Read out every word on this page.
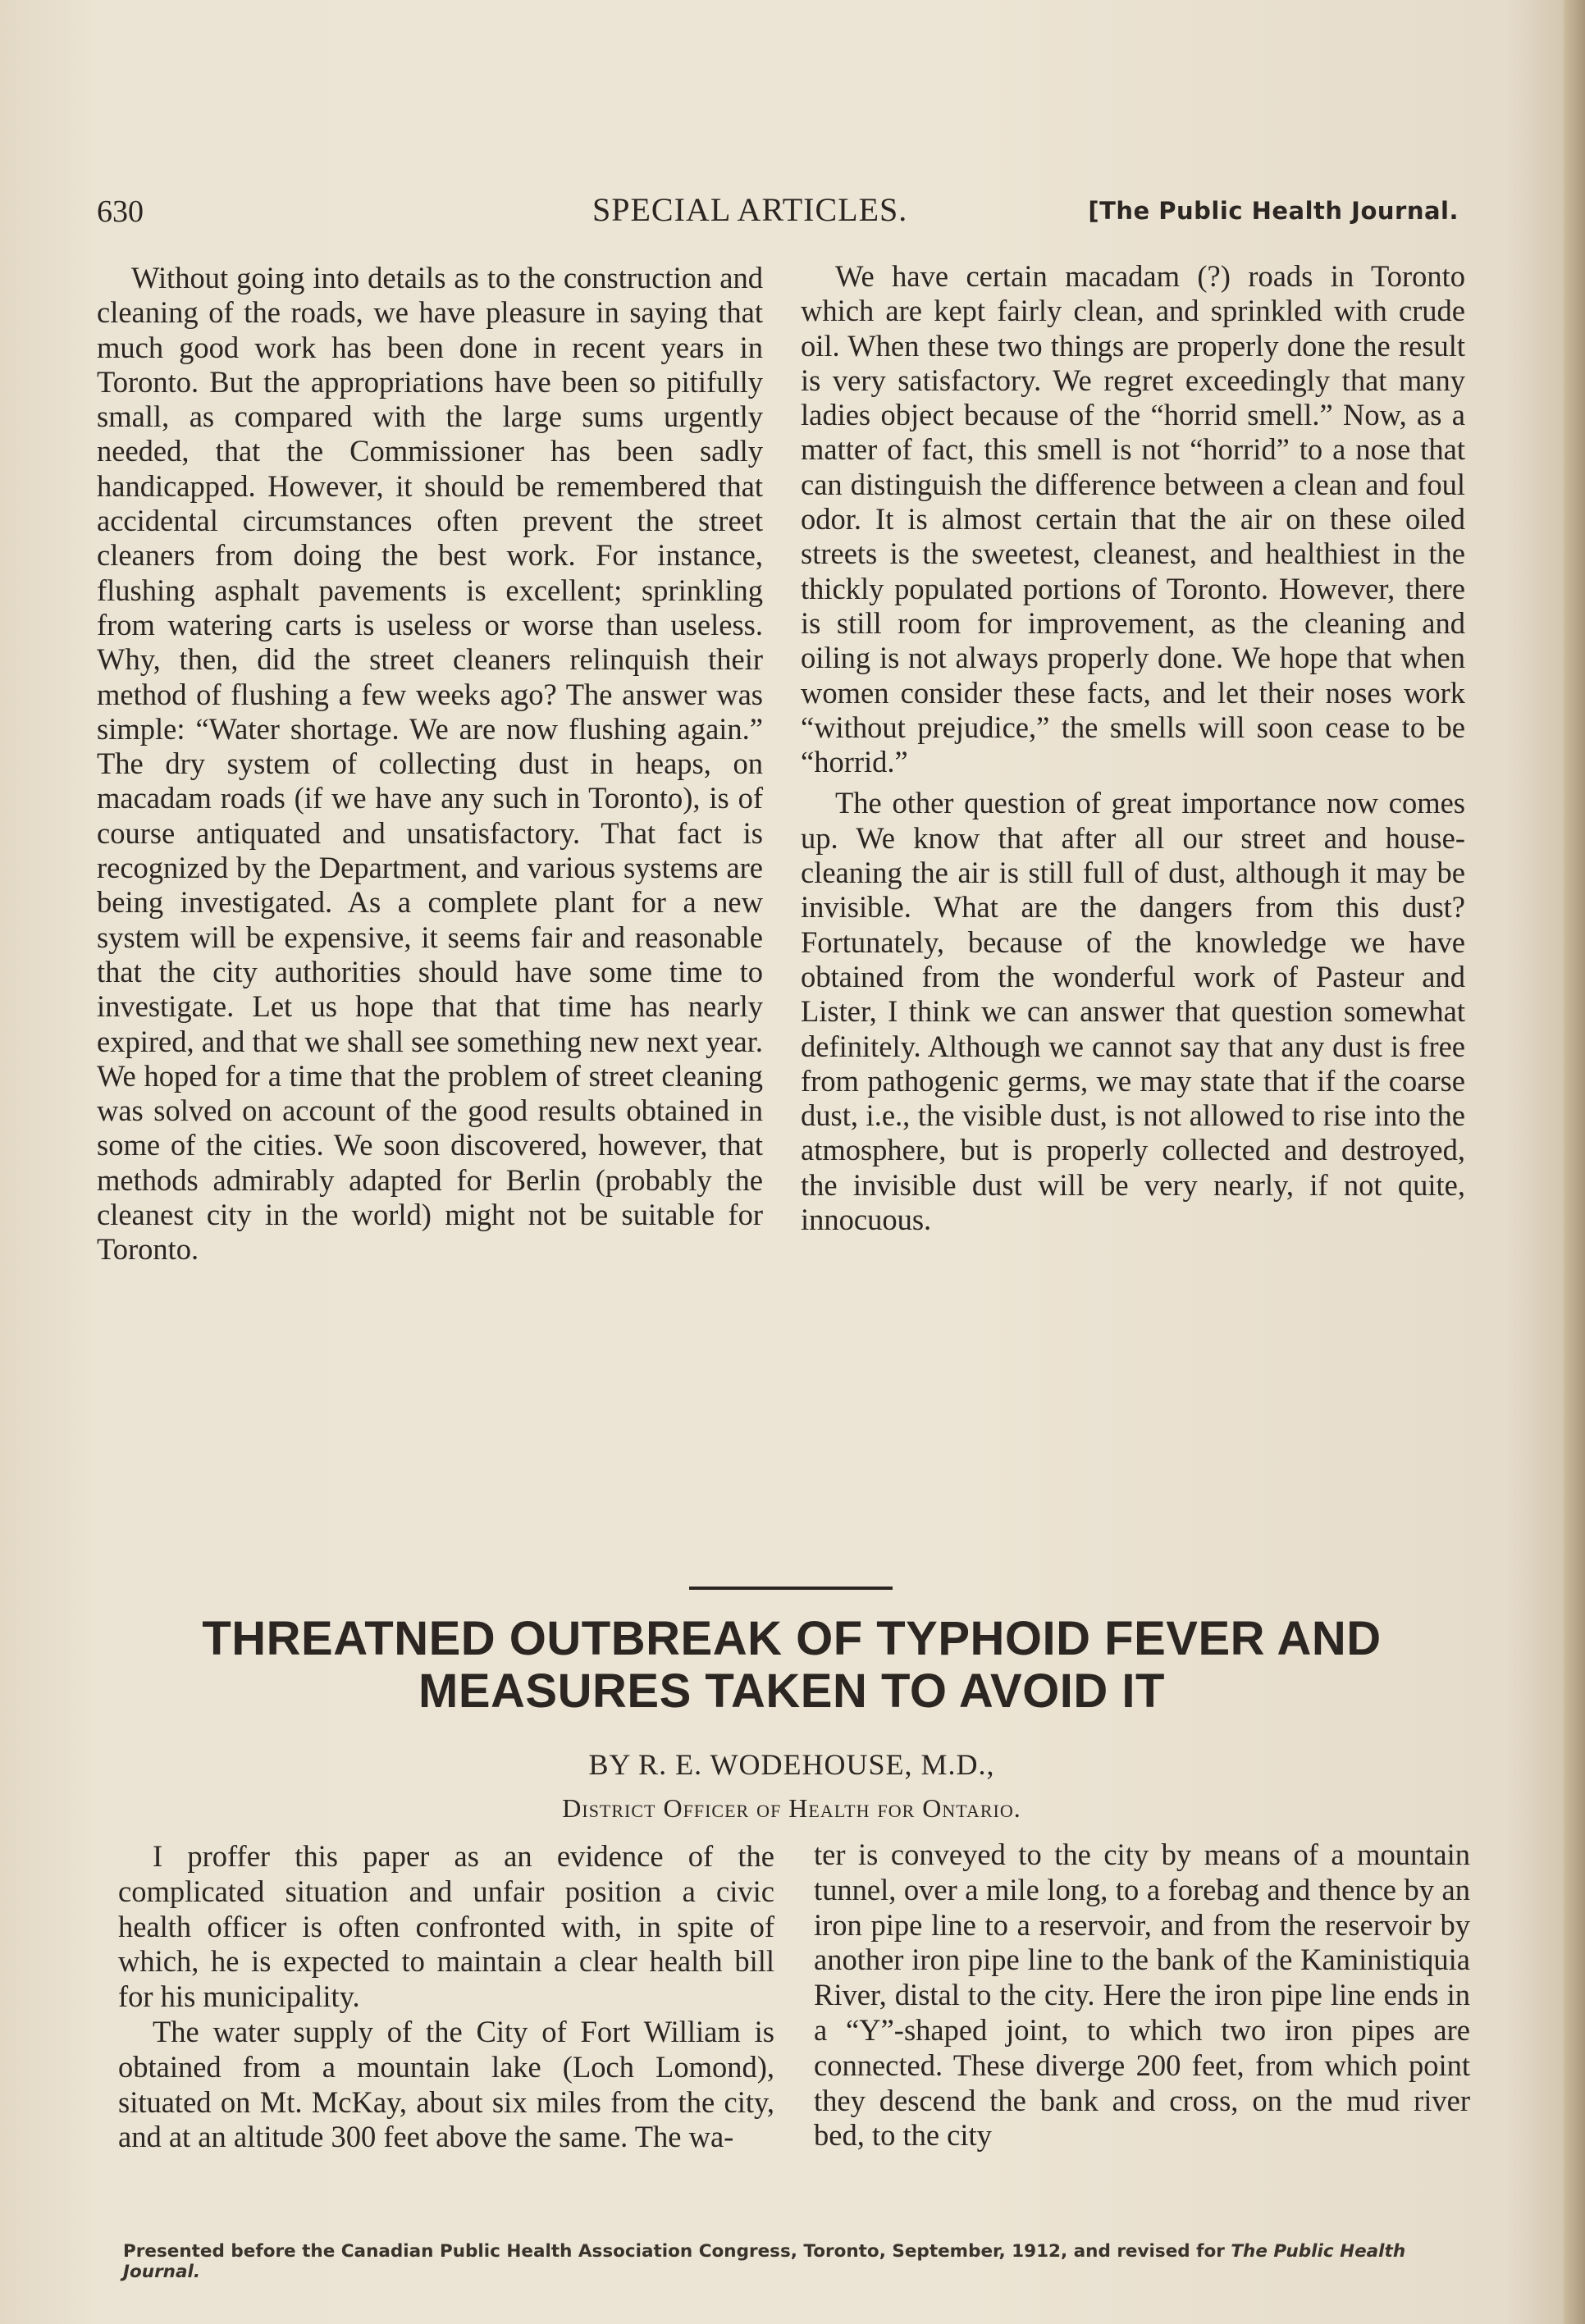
630	SPECIAL ARTICLES.	[The Public Health Journal.

Without going into details as to the construction and cleaning of the roads, we have pleasure in saying that much good work has been done in recent years in Toronto. But the appropriations have been so pitifully small, as compared with the large sums urgently needed, that the Commissioner has been sadly handicapped. However, it should be remembered that accidental circumstances often prevent the street cleaners from doing the best work. For instance, flushing asphalt pavements is excellent; sprinkling from watering carts is useless or worse than useless. Why, then, did the street cleaners relinquish their method of flushing a few weeks ago? The answer was simple: “Water shortage. We are now flushing again.” The dry system of collecting dust in heaps, on macadam roads (if we have any such in Toronto), is of course antiquated and unsatisfactory. That fact is recognized by the Department, and various systems are being investigated. As a complete plant for a new system will be expensive, it seems fair and reasonable that the city authorities should have some time to investigate. Let us hope that that time has nearly expired, and that we shall see something new next year. We hoped for a time that the problem of street cleaning was solved on account of the good results obtained in some of the cities. We soon discovered, however, that methods admirably adapted for Berlin (probably the cleanest city in the world) might not be suitable for Toronto.

We have certain macadam (?) roads in Toronto which are kept fairly clean, and sprinkled with crude oil. When these two things are properly done the result is very satisfactory. We regret exceedingly that many ladies object because of the “horrid smell.” Now, as a matter of fact, this smell is not “horrid” to a nose that can distinguish the difference between a clean and foul odor. It is almost certain that the air on these oiled streets is the sweetest, cleanest, and healthiest in the thickly populated portions of Toronto. However, there is still room for improvement, as the cleaning and oiling is not always properly done. We hope that when women consider these facts, and let their noses work “without prejudice,” the smells will soon cease to be “horrid.”

The other question of great importance now comes up. We know that after all our street and house-cleaning the air is still full of dust, although it may be invisible. What are the dangers from this dust? Fortunately, because of the knowledge we have obtained from the wonderful work of Pasteur and Lister, I think we can answer that question somewhat definitely. Although we cannot say that any dust is free from pathogenic germs, we may state that if the coarse dust, i.e., the visible dust, is not allowed to rise into the atmosphere, but is properly collected and destroyed, the invisible dust will be very nearly, if not quite, innocuous.

THREATNED OUTBREAK OF TYPHOID FEVER AND
MEASURES TAKEN TO AVOID IT
BY R. E. WODEHOUSE, M.D.,
District Officer of Health for Ontario.

I proffer this paper as an evidence of the complicated situation and unfair position a civic health officer is often confronted with, in spite of which, he is expected to maintain a clear health bill for his municipality.

The water supply of the City of Fort William is obtained from a mountain lake (Loch Lomond), situated on Mt. McKay, about six miles from the city, and at an altitude 300 feet above the same. The wa-

ter is conveyed to the city by means of a mountain tunnel, over a mile long, to a forebag and thence by an iron pipe line to a reservoir, and from the reservoir by another iron pipe line to the bank of the Kaministiquia River, distal to the city. Here the iron pipe line ends in a “Y”-shaped joint, to which two iron pipes are connected. These diverge 200 feet, from which point they descend the bank and cross, on the mud river bed, to the city

Presented before the Canadian Public Health Association Congress, Toronto, September, 1912, and revised for The Public Health Journal.
